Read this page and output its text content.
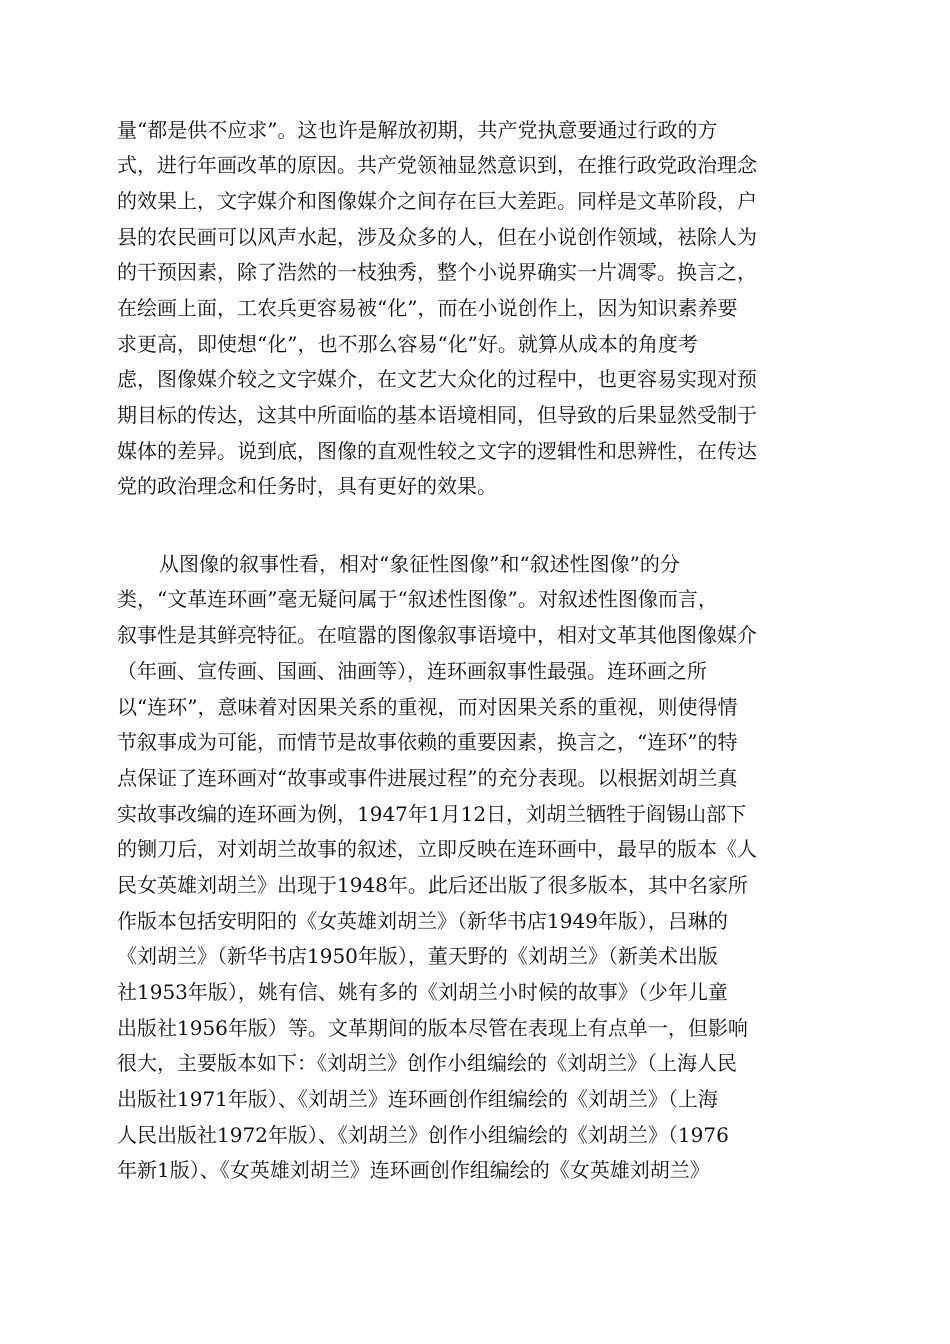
量“都是供不应求”。这也许是解放初期，共产党执意要通过行政的方
式，进行年画改革的原因。共产党领袖显然意识到，在推行政党政治理念
的效果上，文字媒介和图像媒介之间存在巨大差距。同样是文革阶段，户
县的农民画可以风声水起，涉及众多的人，但在小说创作领域，袪除人为
的干预因素，除了浩然的一枝独秀，整个小说界确实一片凋零。换言之，
在绘画上面，工农兵更容易被“化”，而在小说创作上，因为知识素养要
求更高，即使想“化”，也不那么容易“化”好。就算从成本的角度考
虑，图像媒介较之文字媒介，在文艺大众化的过程中，也更容易实现对预
期目标的传达，这其中所面临的基本语境相同，但导致的后果显然受制于
媒体的差异。说到底，图像的直观性较之文字的逻辑性和思辨性，在传达
党的政治理念和任务时，具有更好的效果。
从图像的叙事性看，相对“象征性图像”和“叙述性图像”的分
类，“文革连环画”毫无疑问属于“叙述性图像”。对叙述性图像而言，
叙事性是其鲜亮特征。在喧嚣的图像叙事语境中，相对文革其他图像媒介
（年画、宣传画、国画、油画等），连环画叙事性最强。连环画之所
以“连环”，意味着对因果关系的重视，而对因果关系的重视，则使得情
节叙事成为可能，而情节是故事依赖的重要因素，换言之，“连环”的特
点保证了连环画对“故事或事件进展过程”的充分表现。以根据刘胡兰真
实故事改编的连环画为例，1947年1月12日，刘胡兰牺牲于阎锡山部下
的铡刀后，对刘胡兰故事的叙述，立即反映在连环画中，最早的版本《人
民女英雄刘胡兰》出现于1948年。此后还出版了很多版本，其中名家所
作版本包括安明阳的《女英雄刘胡兰》（新华书店1949年版），吕琳的
《刘胡兰》（新华书店1950年版），董天野的《刘胡兰》（新美术出版
社1953年版），姚有信、姚有多的《刘胡兰小时候的故事》（少年儿童
出版社1956年版）等。文革期间的版本尽管在表现上有点单一，但影响
很大，主要版本如下：《刘胡兰》创作小组编绘的《刘胡兰》（上海人民
出版社1971年版）、《刘胡兰》连环画创作组编绘的《刘胡兰》（上海
人民出版社1972年版）、《刘胡兰》创作小组编绘的《刘胡兰》（1976
年新1版）、《女英雄刘胡兰》连环画创作组编绘的《女英雄刘胡兰》
